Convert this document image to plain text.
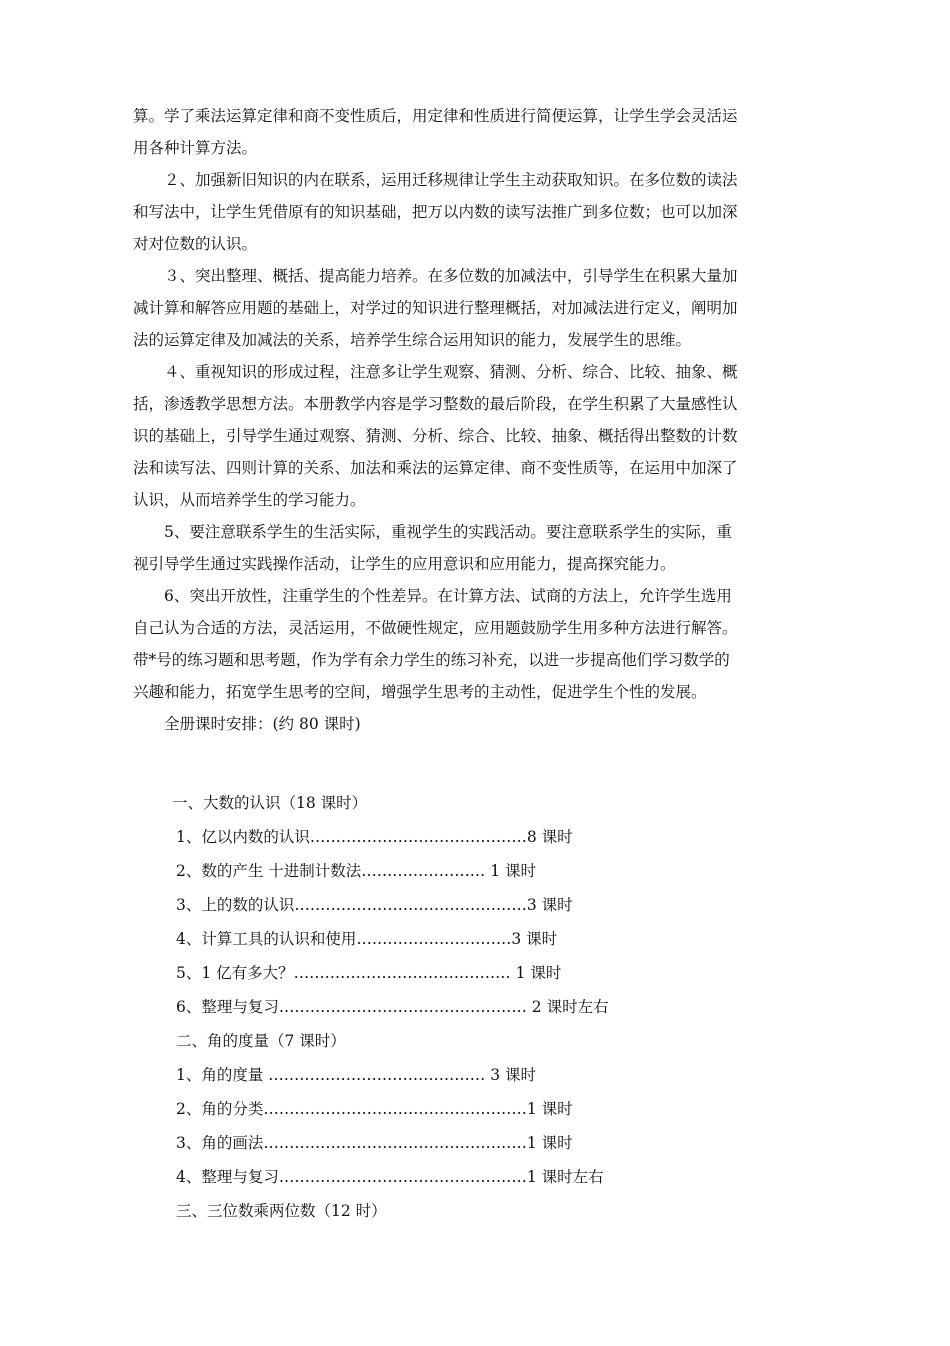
算。学了乘法运算定律和商不变性质后，用定律和性质进行简便运算，让学生学会灵活运
用各种计算方法。
　　２、加强新旧知识的内在联系，运用迁移规律让学生主动获取知识。在多位数的读法
和写法中，让学生凭借原有的知识基础，把万以内数的读写法推广到多位数；也可以加深
对对位数的认识。
　　３、突出整理、概括、提高能力培养。在多位数的加减法中，引导学生在积累大量加
减计算和解答应用题的基础上，对学过的知识进行整理概括，对加减法进行定义，阐明加
法的运算定律及加减法的关系，培养学生综合运用知识的能力，发展学生的思维。
　　４、重视知识的形成过程，注意多让学生观察、猜测、分析、综合、比较、抽象、概
括，渗透教学思想方法。本册教学内容是学习整数的最后阶段，在学生积累了大量感性认
识的基础上，引导学生通过观察、猜测、分析、综合、比较、抽象、概括得出整数的计数
法和读写法、四则计算的关系、加法和乘法的运算定律、商不变性质等，在运用中加深了
认识，从而培养学生的学习能力。
　　5、要注意联系学生的生活实际，重视学生的实践活动。要注意联系学生的实际，重
视引导学生通过实践操作活动，让学生的应用意识和应用能力，提高探究能力。
　　6、突出开放性，注重学生的个性差异。在计算方法、试商的方法上，允许学生选用
自己认为合适的方法，灵活运用，不做硬性规定，应用题鼓励学生用多种方法进行解答。
带*号的练习题和思考题，作为学有余力学生的练习补充，以进一步提高他们学习数学的
兴趣和能力，拓宽学生思考的空间，增强学生思考的主动性，促进学生个性的发展。
　　全册课时安排：(约 80 课时)
一、大数的认识（18 课时）
1、亿以内数的认识……………………………………8 课时
2、数的产生 十进制计数法…………………… 1 课时
3、上的数的认识………………………………………3 课时
4、计算工具的认识和使用…………………………3 课时
5、1 亿有多大？…………………………………… 1 课时
6、整理与复习………………………………………… 2 课时左右
二、角的度量（7 课时）
1、角的度量 …………………………………… 3 课时
2、角的分类……………………………………………1 课时
3、角的画法……………………………………………1 课时
4、整理与复习…………………………………………1 课时左右
三、三位数乘两位数（12 时）
